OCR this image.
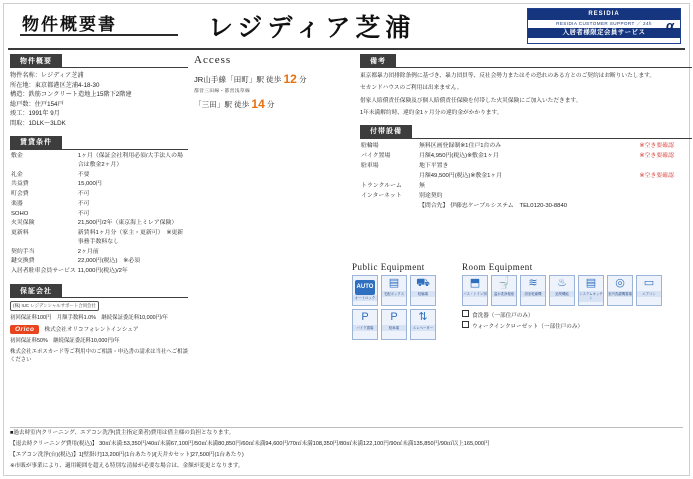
物件概要書	レジディア芝浦	RESIDIA
RESIDIA CUSTOMER SUPPORT ／ 24h
入居者様限定会員サービス	α
物件概要
物件名称：レジディア芝浦
所在地：東京都港区芝浦4-18-30
構造：鉄筋コンクリート造地上15階下2階建
総戸数：住戸154戸
竣工：1991年 9月
間取：1DLK～3LDK
賃貸条件
敷金	1ヶ月（保証会社利用必須/大手法人の場合は敷金2ヶ月）
礼金	不要
共益費	15,000円
町会費	不可
楽器	不可
SOHO	不可
火災保険	21,500円/2年（東京海上ミレア保険）
更新料	新賃料1ヶ月分（家主・更新可）　※更新事務手数料なし
契約手当	2ヶ月前
鍵交換費	22,000円(税込)　※必須
入居者駐車会員サービス	11,000円(税込)/2年
保証会社
(株) IUC レジデンシャルサポート合同会社
初回保証料100円　月額手数料1.0%　継続保証委託料10,000円/年
Orico	株式会社オリコフォレントインシュア
初回保証料50%　継続保証委託料10,000円/年
株式会社エポスカード等ご利用中のご相談・申込書の請求は当社へご相談ください
Access
JR山手線「田町」駅 徒歩 12 分
都営三田線・都営浅草線
「三田」駅 徒歩 14 分
備考
東京都暴力団排除条例に基づき、暴力団員等、反社会勢力またはその恐れのある方とのご契約はお断りいたします。
セカンドハウスのご利用は出来ません。
借家人賠償責任保険及び個人賠償責任保険を付帯した火災保険にご加入いただきます。
1年未満解約時、違約金1ヶ月分の違約金がかかります。
付帯設備
駐輪場	無料区画登録制※1住戸1台のみ	※空き要確認
バイク置場	月額4,950円(税込)※敷金1ヶ月	※空き要確認
駐車場	地下平置き	
	月額49,500円(税込)※敷金1ヶ月	※空き要確認
トランクルーム	無	
インターネット	別途契約	
	【問合先】 伊藤忠ケーブルシステム　TEL0120-30-8840	
Public Equipment
AUTO
オートロック
▤
宅配ボックス
⛟
駐輪場
P
バイク置場
P
駐車場
⇅
エレベーター
Room Equipment
⬒
バス・トイレ別
🚽
温水洗浄便座
≋
浴室乾燥機
♨
追焚機能
▤
システムキッチン
◎
室内洗濯機置場
▭
エアコン
食洗器（一部住戸のみ）
ウォークインクローゼット（一部住戸のみ）
■過去時室内クリーニング、エアコン洗浄(貴主指定業者)費用は借主様の負担となります。
【退去時クリーニング費用(税込)】 30㎡未満:53,350円/40㎡未満67,100円/50㎡未満80,850円/60㎡未満94,600円/70㎡未満108,350円/80㎡未満122,100円/90㎡未満135,850円/90㎡以上165,000円
【エアコン洗浄(台)(税込)】1[壁掛け]13,200円(1台あたり)/[天井カセット]27,500円(1台あたり)
※市販が事業により、適用範囲を超える特別な清掃が必要な場合は、金額が変更となります。
